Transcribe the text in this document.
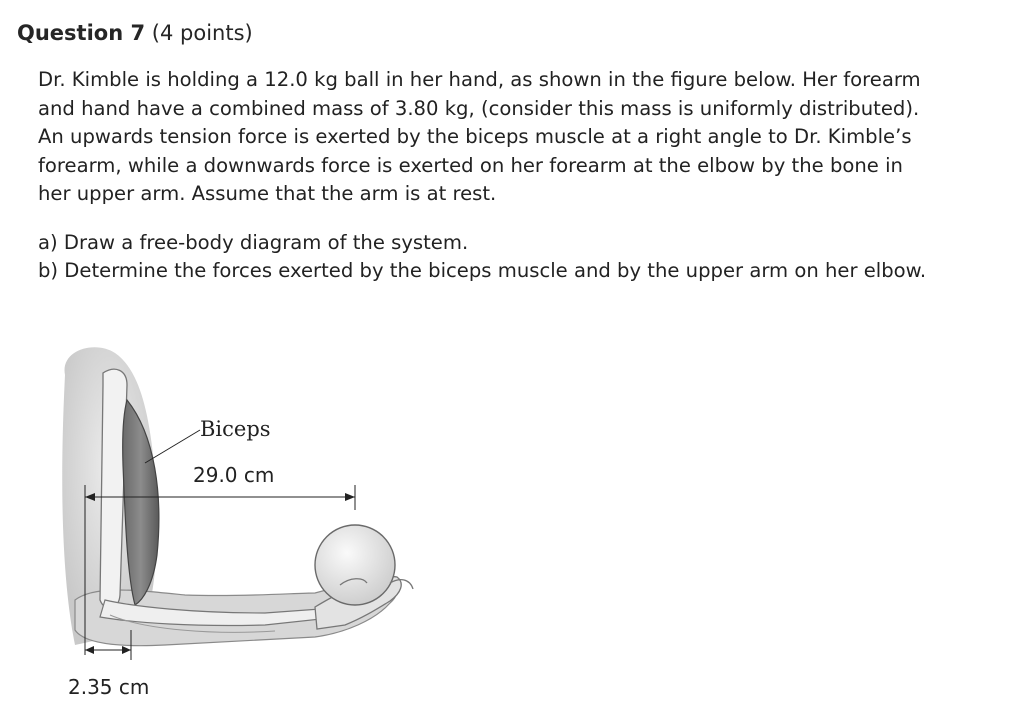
Question 7 (4 points)

Dr. Kimble is holding a 12.0 kg ball in her hand, as shown in the figure below. Her forearm and hand have a combined mass of 3.80 kg, (consider this mass is uniformly distributed). An upwards tension force is exerted by the biceps muscle at a right angle to Dr. Kimble’s forearm, while a downwards force is exerted on her forearm at the elbow by the bone in her upper arm. Assume that the arm is at rest.

a) Draw a free-body diagram of the system.

b) Determine the forces exerted by the biceps muscle and by the upper arm on her elbow.

Biceps
29.0 cm
2.35 cm
